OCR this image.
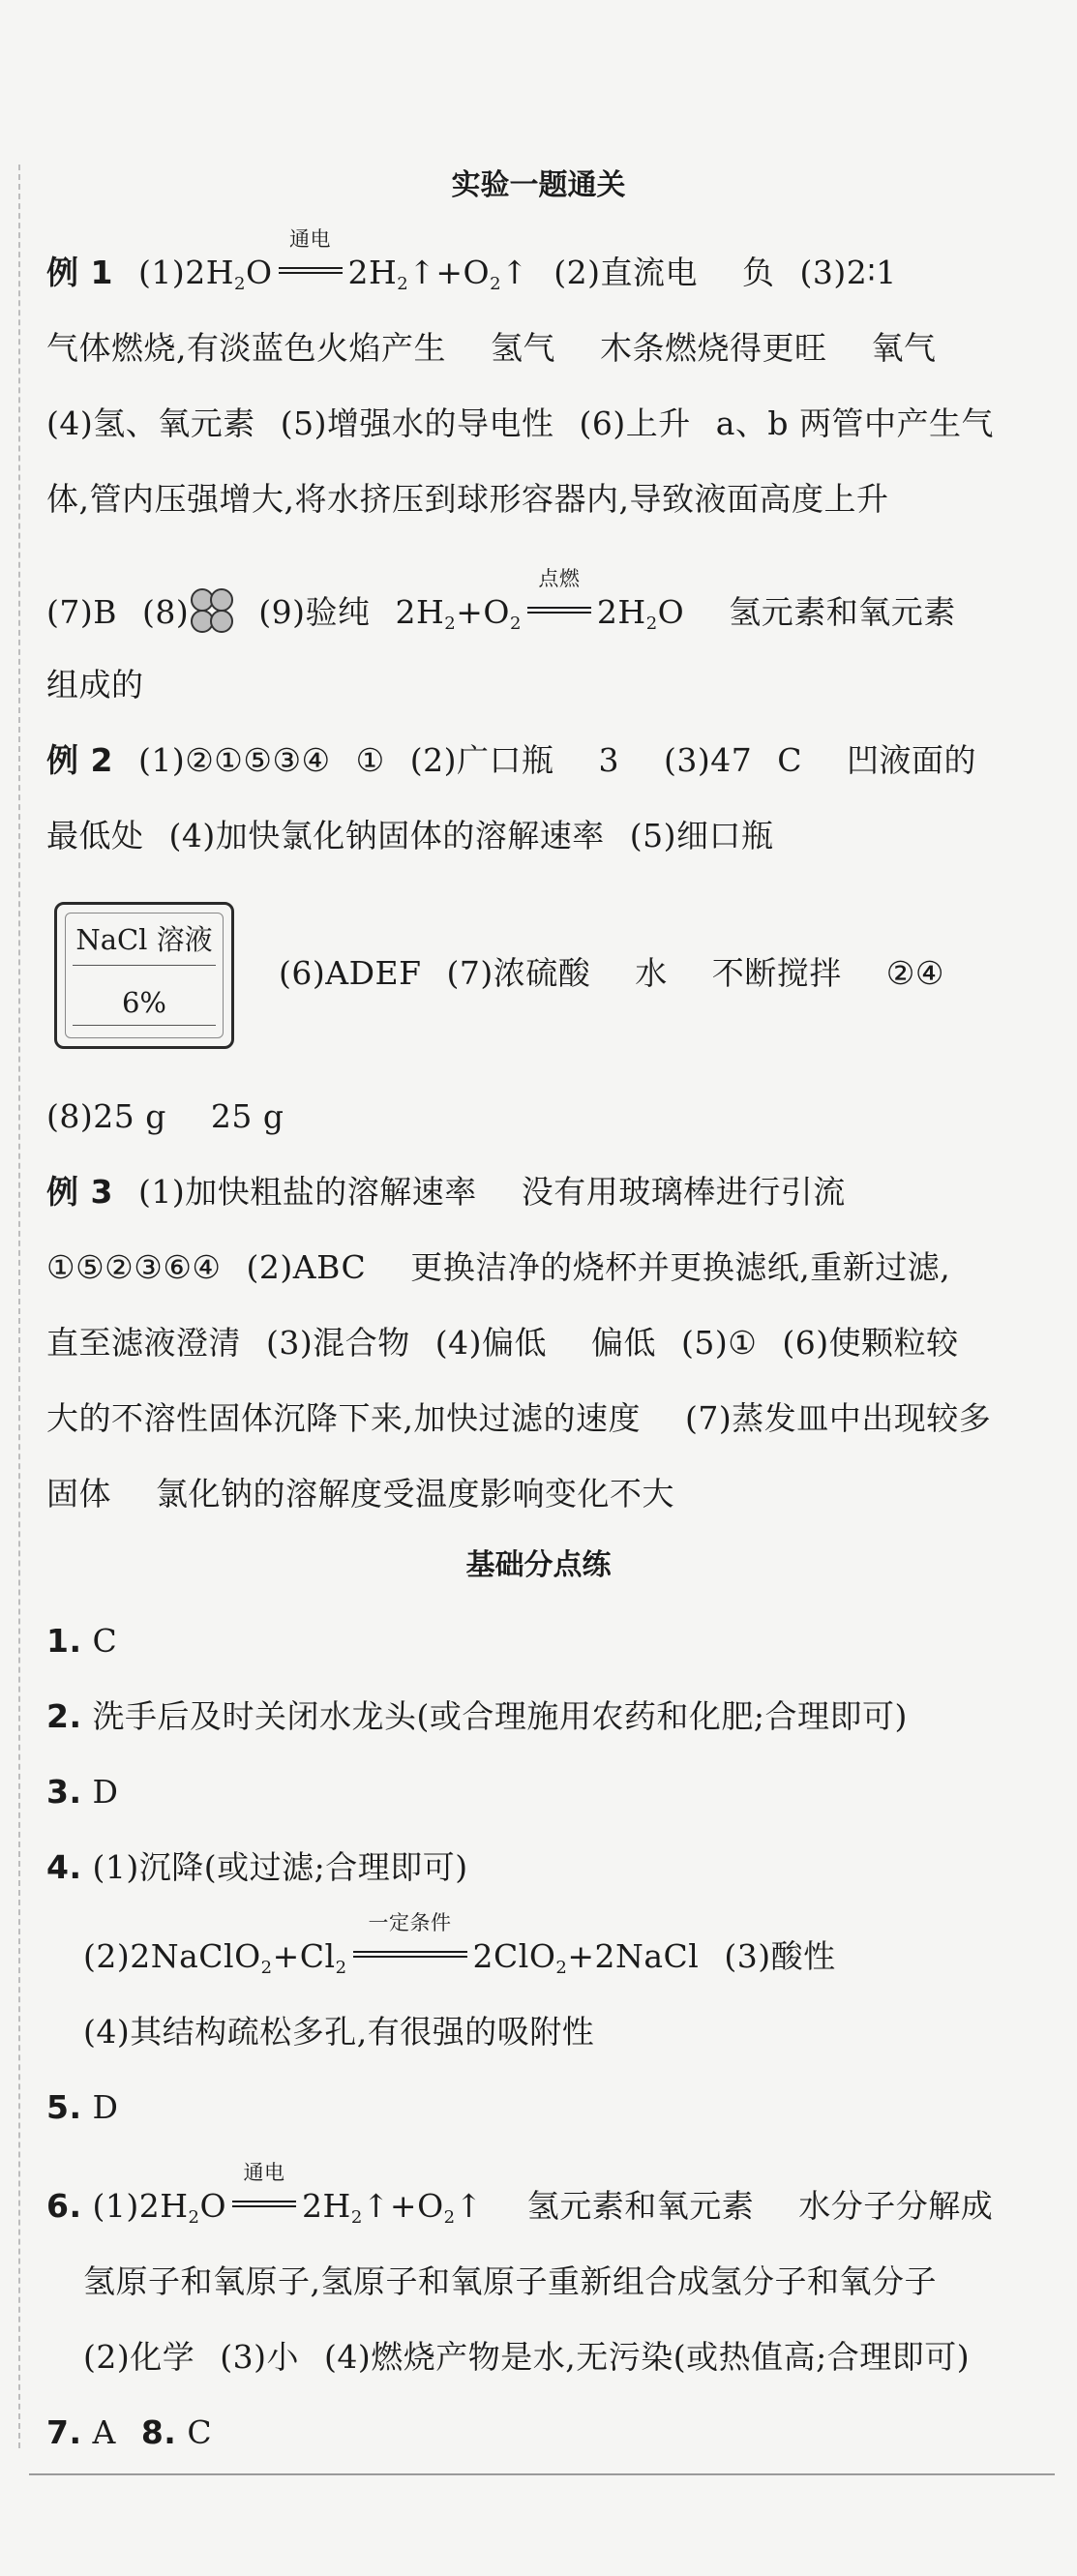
实验一题通关
例 1 $(1)2H_2O$
通电
$2H_2↑+O_2↑$ (2)直流电 负 (3)2∶1
气体燃烧,有淡蓝色火焰产生 氢气 木条燃烧得更旺 氧气
(4)氢、氧元素 (5)增强水的导电性 (6)上升 a、b 两管中产生气
体,管内压强增大,将水挤压到球形容器内,导致液面高度上升
(7)B (8) (9)验纯 $2H_2+O_2$
点燃
$2H_2O$ 氢元素和氧元素
组成的
例 2 (1)②①⑤③④ ① (2)广口瓶 3 (3)47 C 凹液面的
最低处 (4)加快氯化钠固体的溶解速率 (5)细口瓶
NaCl 溶液
6%
(6)ADEF (7)浓硫酸 水 不断搅拌 ②④
(8)25 g 25 g
例 3 (1)加快粗盐的溶解速率 没有用玻璃棒进行引流
①⑤②③⑥④ (2)ABC 更换洁净的烧杯并更换滤纸,重新过滤,
直至滤液澄清 (3)混合物 (4)偏低 偏低 (5)① (6)使颗粒较
大的不溶性固体沉降下来,加快过滤的速度 (7)蒸发皿中出现较多
固体 氯化钠的溶解度受温度影响变化不大
基础分点练
1. C
2. 洗手后及时关闭水龙头(或合理施用农药和化肥;合理即可)
3. D
4. (1)沉降(或过滤;合理即可)
$(2)2NaClO_2+Cl_2$
一定条件
2ClO$_2$+2NaCl (3)酸性
(4)其结构疏松多孔,有很强的吸附性
5. D
6. $(1)2H_2O$
通电
$2H_2↑+O_2↑$ 氢元素和氧元素 水分子分解成
氢原子和氧原子,氢原子和氧原子重新组合成氢分子和氧分子
(2)化学 (3)小 (4)燃烧产物是水,无污染(或热值高;合理即可)
7. A 8. C
